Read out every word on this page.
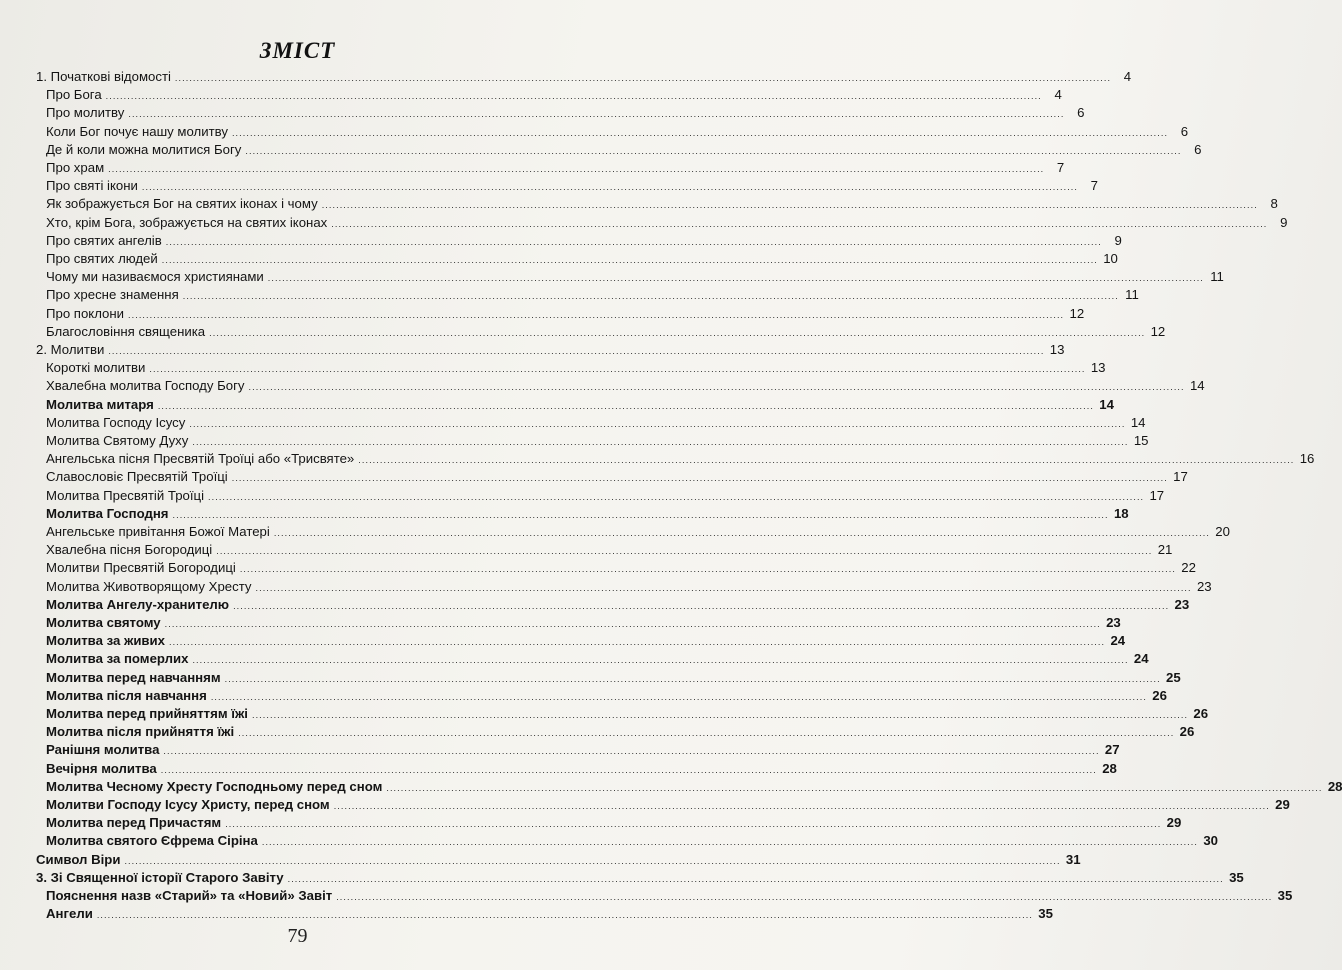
ЗМІСТ
1. Початкові відомості .................................................................................................................................................................................................................................................................... 4
Про Бога .................................................................................................................................................................................................................................................................... 4
Про молитву .................................................................................................................................................................................................................................................................... 6
Коли Бог почує нашу молитву .................................................................................................................................................................................................................................................................... 6
Де й коли можна молитися Богу .................................................................................................................................................................................................................................................................... 6
Про храм .................................................................................................................................................................................................................................................................... 7
Про святі ікони .................................................................................................................................................................................................................................................................... 7
Як зображується Бог на святих іконах і чому .................................................................................................................................................................................................................................................................... 8
Хто, крім Бога, зображується на святих іконах .................................................................................................................................................................................................................................................................... 9
Про святих ангелів .................................................................................................................................................................................................................................................................... 9
Про святих людей .................................................................................................................................................................................................................................................................... 10
Чому ми називаємося християнами .................................................................................................................................................................................................................................................................... 11
Про хресне знамення .................................................................................................................................................................................................................................................................... 11
Про поклони .................................................................................................................................................................................................................................................................... 12
Благословіння священика .................................................................................................................................................................................................................................................................... 12
2. Молитви .................................................................................................................................................................................................................................................................... 13
Короткі молитви .................................................................................................................................................................................................................................................................... 13
Хвалебна молитва Господу Богу .................................................................................................................................................................................................................................................................... 14
Молитва митаря .................................................................................................................................................................................................................................................................... 14
Молитва Господу Ісусу .................................................................................................................................................................................................................................................................... 14
Молитва Святому Духу .................................................................................................................................................................................................................................................................... 15
Ангельська пісня Пресвятій Троїці або «Трисвяте» .................................................................................................................................................................................................................................................................... 16
Славословіє Пресвятій Троїці .................................................................................................................................................................................................................................................................... 17
Молитва Пресвятій Троїці .................................................................................................................................................................................................................................................................... 17
Молитва Господня .................................................................................................................................................................................................................................................................... 18
Ангельське привітання Божої Матері .................................................................................................................................................................................................................................................................... 20
Хвалебна пісня Богородиці .................................................................................................................................................................................................................................................................... 21
Молитви Пресвятій Богородиці .................................................................................................................................................................................................................................................................... 22
Молитва Животворящому Хресту .................................................................................................................................................................................................................................................................... 23
Молитва Ангелу-хранителю .................................................................................................................................................................................................................................................................... 23
Молитва святому .................................................................................................................................................................................................................................................................... 23
Молитва за живих .................................................................................................................................................................................................................................................................... 24
Молитва за померлих .................................................................................................................................................................................................................................................................... 24
Молитва перед навчанням .................................................................................................................................................................................................................................................................... 25
Молитва після навчання .................................................................................................................................................................................................................................................................... 26
Молитва перед прийняттям їжі .................................................................................................................................................................................................................................................................... 26
Молитва після прийняття їжі .................................................................................................................................................................................................................................................................... 26
Ранішня молитва .................................................................................................................................................................................................................................................................... 27
Вечірня молитва .................................................................................................................................................................................................................................................................... 28
Молитва Чесному Хресту Господньому перед сном .................................................................................................................................................................................................................................................................... 28
Молитви Господу Ісусу Христу, перед сном .................................................................................................................................................................................................................................................................... 29
Молитва перед Причастям .................................................................................................................................................................................................................................................................... 29
Молитва святого Єфрема Сіріна .................................................................................................................................................................................................................................................................... 30
Символ Віри .................................................................................................................................................................................................................................................................... 31
3. Зі Священної історії Старого Завіту .................................................................................................................................................................................................................................................................... 35
Пояснення назв «Старий» та «Новий» Завіт .................................................................................................................................................................................................................................................................... 35
Ангели .................................................................................................................................................................................................................................................................... 35
79
